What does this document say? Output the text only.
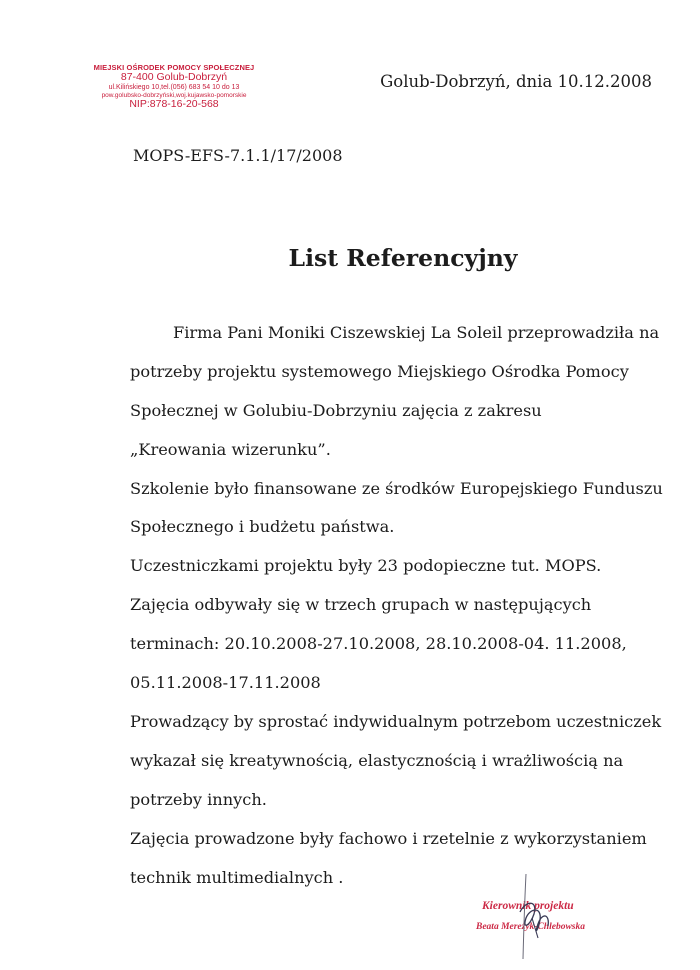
MIEJSKI OŚRODEK POMOCY SPOŁECZNEJ
87-400 Golub-Dobrzyń
ul.Kilińskiego 10,tel.(056) 683 54 10 do 13
pow.golubsko-dobrzyński,woj.kujawsko-pomorskie
NIP:878-16-20-568
Golub-Dobrzyń, dnia 10.12.2008
MOPS-EFS-7.1.1/17/2008
List Referencyjny
Firma Pani Moniki Ciszewskiej La Soleil przeprowadziła na
potrzeby projektu systemowego Miejskiego Ośrodka Pomocy
Społecznej w Golubiu-Dobrzyniu zajęcia z zakresu
„Kreowania wizerunku”.
Szkolenie było finansowane ze środków Europejskiego Funduszu
Społecznego i budżetu państwa.
Uczestniczkami projektu były 23 podopieczne tut. MOPS.
Zajęcia odbywały się w trzech grupach w następujących
terminach: 20.10.2008-27.10.2008, 28.10.2008-04. 11.2008,
05.11.2008-17.11.2008
Prowadzący by sprostać indywidualnym potrzebom uczestniczek
wykazał się kreatywnością, elastycznością i wrażliwością na
potrzeby innych.
Zajęcia prowadzone były fachowo i rzetelnie z wykorzystaniem
technik multimedialnych .
Kierownik projektu
Beata Mereżyk-Chlebowska
